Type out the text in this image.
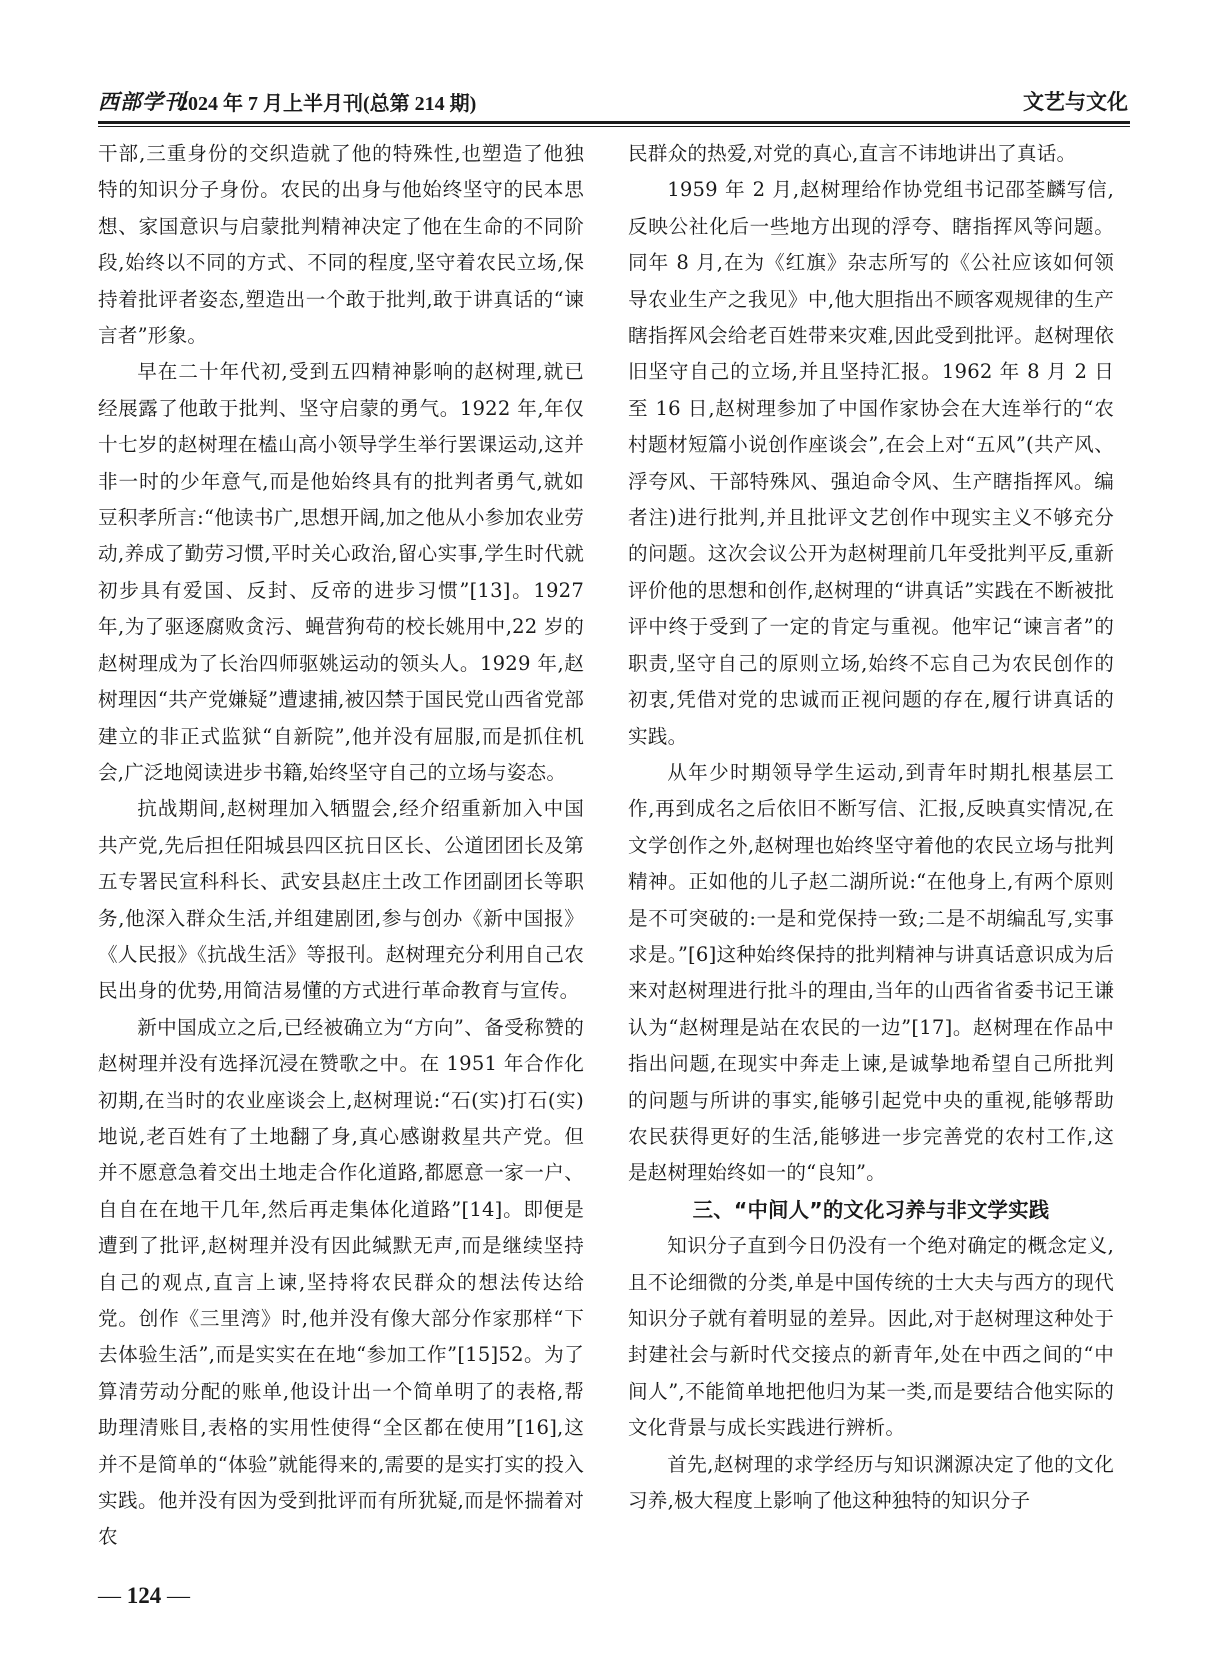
西部学刊
2024 年 7 月上半月刊(总第 214 期)	文艺与文化

干部,三重身份的交织造就了他的特殊性,也塑造了他独特的知识分子身份。农民的出身与他始终坚守的民本思想、家国意识与启蒙批判精神决定了他在生命的不同阶段,始终以不同的方式、不同的程度,坚守着农民立场,保持着批评者姿态,塑造出一个敢于批判,敢于讲真话的“谏言者”形象。

早在二十年代初,受到五四精神影响的赵树理,就已经展露了他敢于批判、坚守启蒙的勇气。1922 年,年仅十七岁的赵树理在榼山高小领导学生举行罢课运动,这并非一时的少年意气,而是他始终具有的批判者勇气,就如豆积孝所言:“他读书广,思想开阔,加之他从小参加农业劳动,养成了勤劳习惯,平时关心政治,留心实事,学生时代就初步具有爱国、反封、反帝的进步习惯”[13]。1927 年,为了驱逐腐败贪污、蝇营狗苟的校长姚用中,22 岁的赵树理成为了长治四师驱姚运动的领头人。1929 年,赵树理因“共产党嫌疑”遭逮捕,被囚禁于国民党山西省党部建立的非正式监狱“自新院”,他并没有屈服,而是抓住机会,广泛地阅读进步书籍,始终坚守自己的立场与姿态。

抗战期间,赵树理加入牺盟会,经介绍重新加入中国共产党,先后担任阳城县四区抗日区长、公道团团长及第五专署民宣科科长、武安县赵庄土改工作团副团长等职务,他深入群众生活,并组建剧团,参与创办《新中国报》《人民报》《抗战生活》等报刊。赵树理充分利用自己农民出身的优势,用简洁易懂的方式进行革命教育与宣传。

新中国成立之后,已经被确立为“方向”、备受称赞的赵树理并没有选择沉浸在赞歌之中。在 1951 年合作化初期,在当时的农业座谈会上,赵树理说:“石(实)打石(实)地说,老百姓有了土地翻了身,真心感谢救星共产党。但并不愿意急着交出土地走合作化道路,都愿意一家一户、自自在在地干几年,然后再走集体化道路”[14]。即便是遭到了批评,赵树理并没有因此缄默无声,而是继续坚持自己的观点,直言上谏,坚持将农民群众的想法传达给党。创作《三里湾》时,他并没有像大部分作家那样“下去体验生活”,而是实实在在地“参加工作”[15]52。为了算清劳动分配的账单,他设计出一个简单明了的表格,帮助理清账目,表格的实用性使得“全区都在使用”[16],这并不是简单的“体验”就能得来的,需要的是实打实的投入实践。他并没有因为受到批评而有所犹疑,而是怀揣着对农

民群众的热爱,对党的真心,直言不讳地讲出了真话。

1959 年 2 月,赵树理给作协党组书记邵荃麟写信,反映公社化后一些地方出现的浮夸、瞎指挥风等问题。同年 8 月,在为《红旗》杂志所写的《公社应该如何领导农业生产之我见》中,他大胆指出不顾客观规律的生产瞎指挥风会给老百姓带来灾难,因此受到批评。赵树理依旧坚守自己的立场,并且坚持汇报。1962 年 8 月 2 日至 16 日,赵树理参加了中国作家协会在大连举行的“农村题材短篇小说创作座谈会”,在会上对“五风”(共产风、浮夸风、干部特殊风、强迫命令风、生产瞎指挥风。编者注)进行批判,并且批评文艺创作中现实主义不够充分的问题。这次会议公开为赵树理前几年受批判平反,重新评价他的思想和创作,赵树理的“讲真话”实践在不断被批评中终于受到了一定的肯定与重视。他牢记“谏言者”的职责,坚守自己的原则立场,始终不忘自己为农民创作的初衷,凭借对党的忠诚而正视问题的存在,履行讲真话的实践。

从年少时期领导学生运动,到青年时期扎根基层工作,再到成名之后依旧不断写信、汇报,反映真实情况,在文学创作之外,赵树理也始终坚守着他的农民立场与批判精神。正如他的儿子赵二湖所说:“在他身上,有两个原则是不可突破的:一是和党保持一致;二是不胡编乱写,实事求是。”[6]这种始终保持的批判精神与讲真话意识成为后来对赵树理进行批斗的理由,当年的山西省省委书记王谦认为“赵树理是站在农民的一边”[17]。赵树理在作品中指出问题,在现实中奔走上谏,是诚挚地希望自己所批判的问题与所讲的事实,能够引起党中央的重视,能够帮助农民获得更好的生活,能够进一步完善党的农村工作,这是赵树理始终如一的“良知”。

三、“中间人”的文化习养与非文学实践

知识分子直到今日仍没有一个绝对确定的概念定义,且不论细微的分类,单是中国传统的士大夫与西方的现代知识分子就有着明显的差异。因此,对于赵树理这种处于封建社会与新时代交接点的新青年,处在中西之间的“中间人”,不能简单地把他归为某一类,而是要结合他实际的文化背景与成长实践进行辨析。

首先,赵树理的求学经历与知识渊源决定了他的文化习养,极大程度上影响了他这种独特的知识分子

— 124 —
